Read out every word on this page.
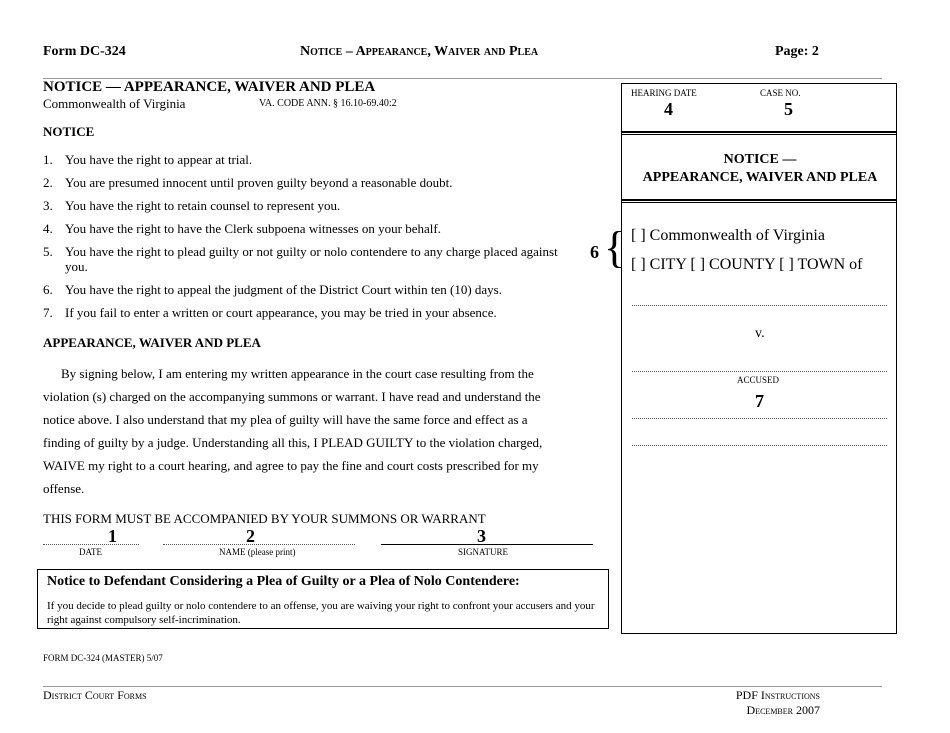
Form DC-324	Notice – Appearance, Waiver and Plea	Page: 2
NOTICE — APPEARANCE, WAIVER AND PLEA
Commonwealth of Virginia	VA. CODE ANN. § 16.10-69.40:2
NOTICE
1. You have the right to appear at trial.
2. You are presumed innocent until proven guilty beyond a reasonable doubt.
3. You have the right to retain counsel to represent you.
4. You have the right to have the Clerk subpoena witnesses on your behalf.
5. You have the right to plead guilty or not guilty or nolo contendere to any charge placed against you.
6. You have the right to appeal the judgment of the District Court within ten (10) days.
7. If you fail to enter a written or court appearance, you may be tried in your absence.
APPEARANCE, WAIVER AND PLEA
By signing below, I am entering my written appearance in the court case resulting from the violation (s) charged on the accompanying summons or warrant. I have read and understand the notice above. I also understand that my plea of guilty will have the same force and effect as a finding of guilty by a judge. Understanding all this, I PLEAD GUILTY to the violation charged, WAIVE my right to a court hearing, and agree to pay the fine and court costs prescribed for my offense.
THIS FORM MUST BE ACCOMPANIED BY YOUR SUMMONS OR WARRANT
1
DATE
2
NAME (please print)
3
SIGNATURE
Notice to Defendant Considering a Plea of Guilty or a Plea of Nolo Contendere:
If you decide to plead guilty or nolo contendere to an offense, you are waiving your right to confront your accusers and your right against compulsory self-incrimination.
FORM DC-324 (MASTER) 5/07
HEARING DATE
4
CASE NO.
5
NOTICE —
APPEARANCE, WAIVER AND PLEA
[ ] Commonwealth of Virginia
[ ] CITY [ ] COUNTY [ ] TOWN of
v.
ACCUSED
7
6 {
District Court Forms	PDF Instructions
December 2007
